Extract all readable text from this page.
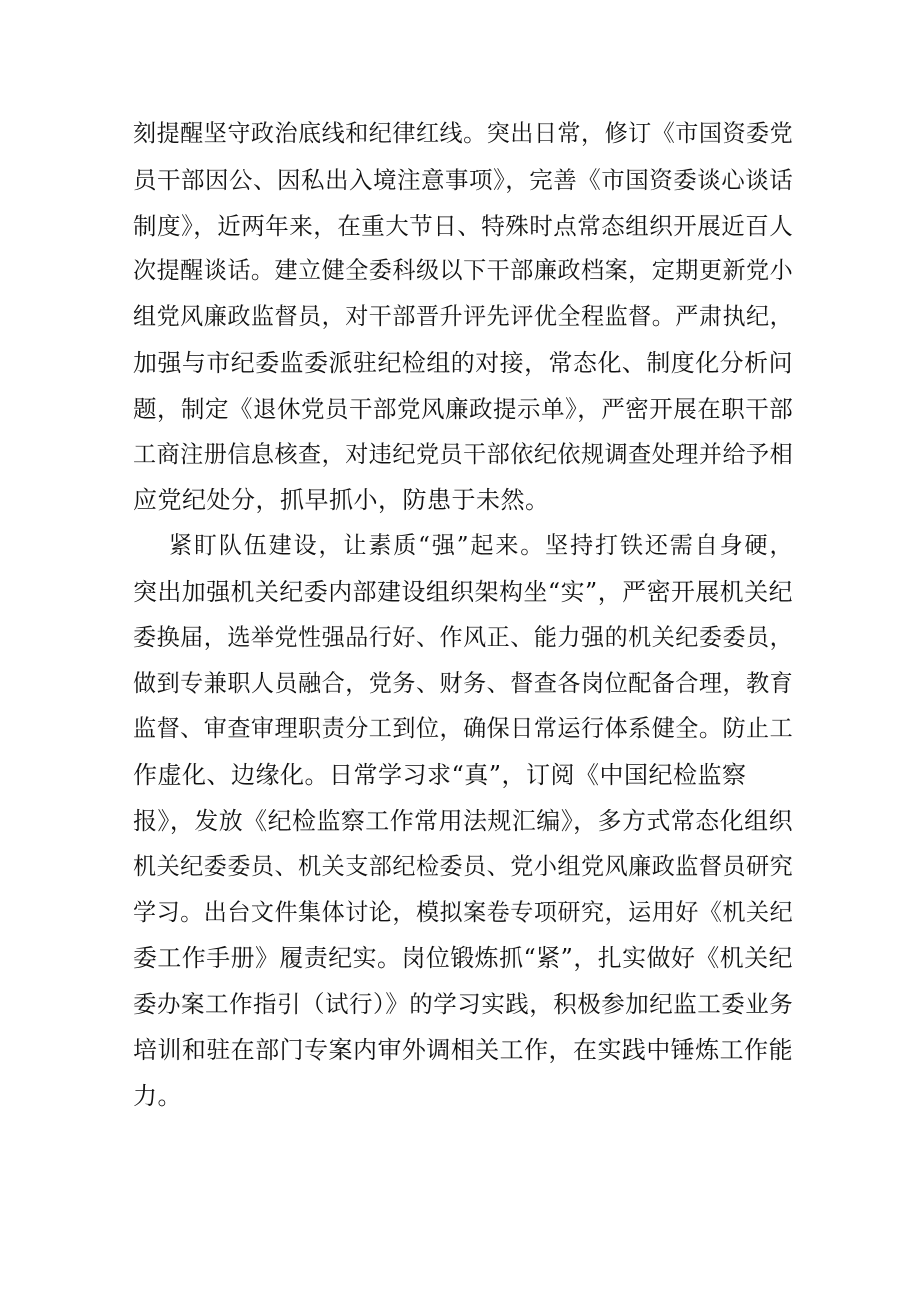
刻提醒坚守政治底线和纪律红线。突出日常，修订《市国资委党
员干部因公、因私出入境注意事项》，完善《市国资委谈心谈话
制度》，近两年来，在重大节日、特殊时点常态组织开展近百人
次提醒谈话。建立健全委科级以下干部廉政档案，定期更新党小
组党风廉政监督员，对干部晋升评先评优全程监督。严肃执纪，
加强与市纪委监委派驻纪检组的对接，常态化、制度化分析问
题，制定《退休党员干部党风廉政提示单》，严密开展在职干部
工商注册信息核查，对违纪党员干部依纪依规调查处理并给予相
应党纪处分，抓早抓小，防患于未然。
紧盯队伍建设，让素质“强”起来。坚持打铁还需自身硬，
突出加强机关纪委内部建设组织架构坐“实”，严密开展机关纪
委换届，选举党性强品行好、作风正、能力强的机关纪委委员，
做到专兼职人员融合，党务、财务、督查各岗位配备合理，教育
监督、审查审理职责分工到位，确保日常运行体系健全。防止工
作虚化、边缘化。日常学习求“真”，订阅《中国纪检监察
报》，发放《纪检监察工作常用法规汇编》，多方式常态化组织
机关纪委委员、机关支部纪检委员、党小组党风廉政监督员研究
学习。出台文件集体讨论，模拟案卷专项研究，运用好《机关纪
委工作手册》履责纪实。岗位锻炼抓“紧”，扎实做好《机关纪
委办案工作指引（试行）》的学习实践，积极参加纪监工委业务
培训和驻在部门专案内审外调相关工作，在实践中锤炼工作能
力。
